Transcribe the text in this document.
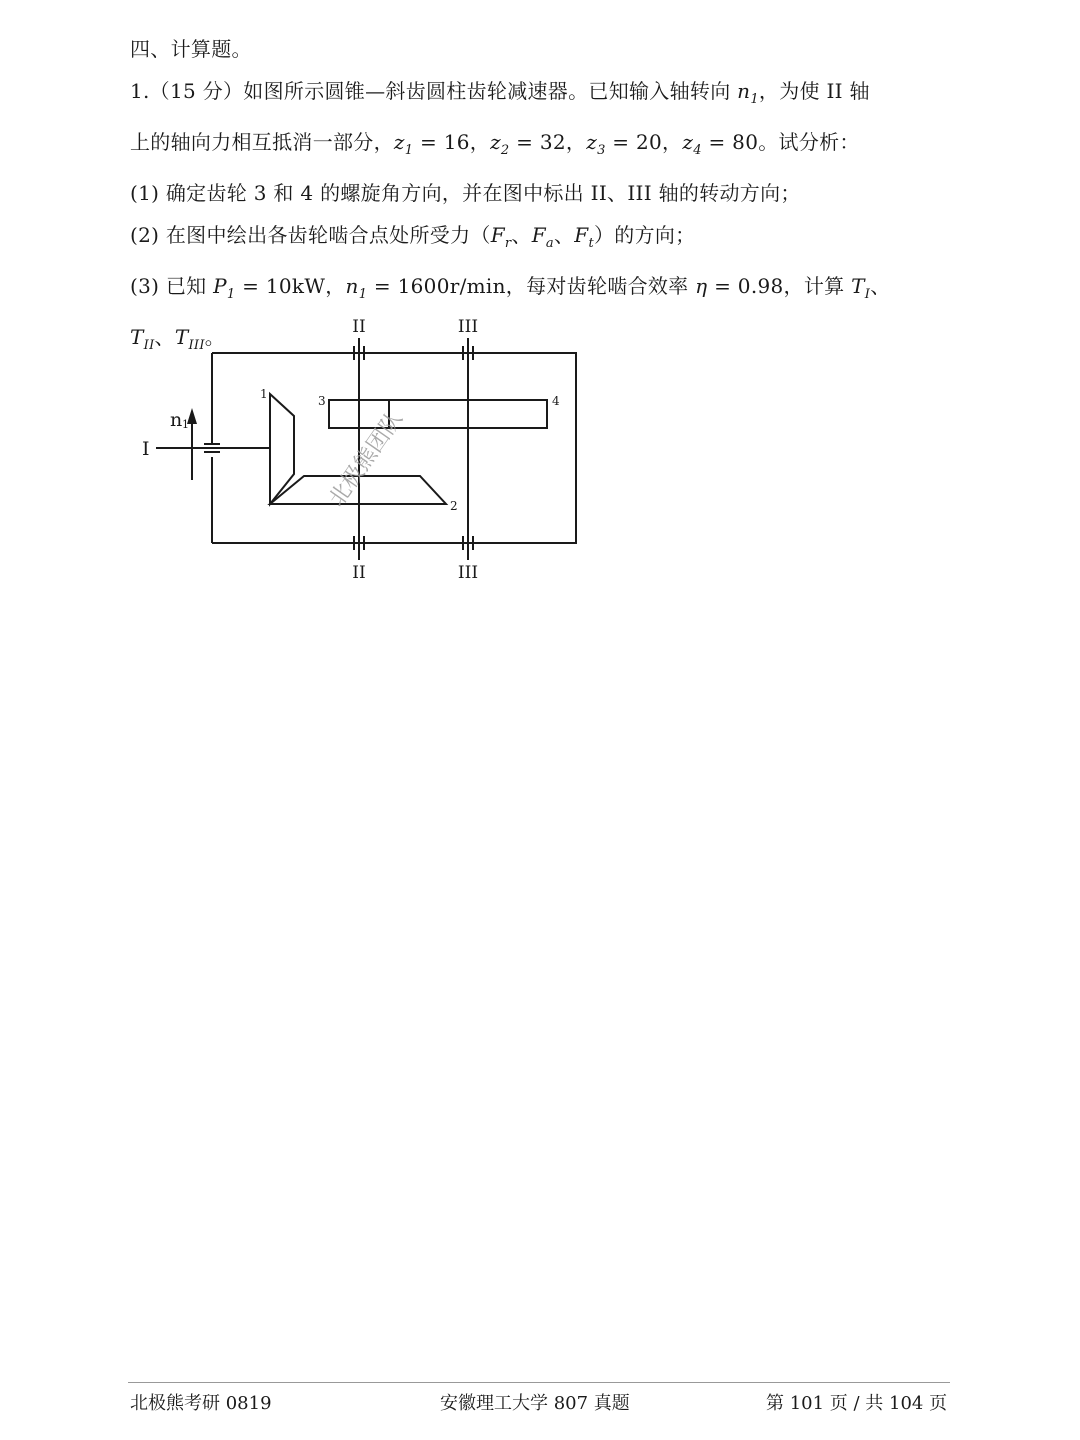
四、计算题。
1.（15 分）如图所示圆锥—斜齿圆柱齿轮减速器。已知输入轴转向 $n_1$，为使 II 轴
上的轴向力相互抵消一部分，$z_1 = 16$，$z_2 = 32$，$z_3 = 20$，$z_4 = 80$。试分析：
(1) 确定齿轮 3 和 4 的螺旋角方向，并在图中标出 II、III 轴的转动方向；
(2) 在图中绘出各齿轮啮合点处所受力（$F_r$、$F_a$、$F_t$）的方向；
(3) 已知 $P_1 = 10kW$，$n_1 = 1600r/\min$，每对齿轮啮合效率 η = 0.98，计算 $T_I$、
$T_{II}$、$T_{III}$。	II	III
II	III
I
n 1
1
2
3	4
北极熊团队
北极熊考研 0819	安徽理工大学 807 真题	第 101 页 / 共 104 页
